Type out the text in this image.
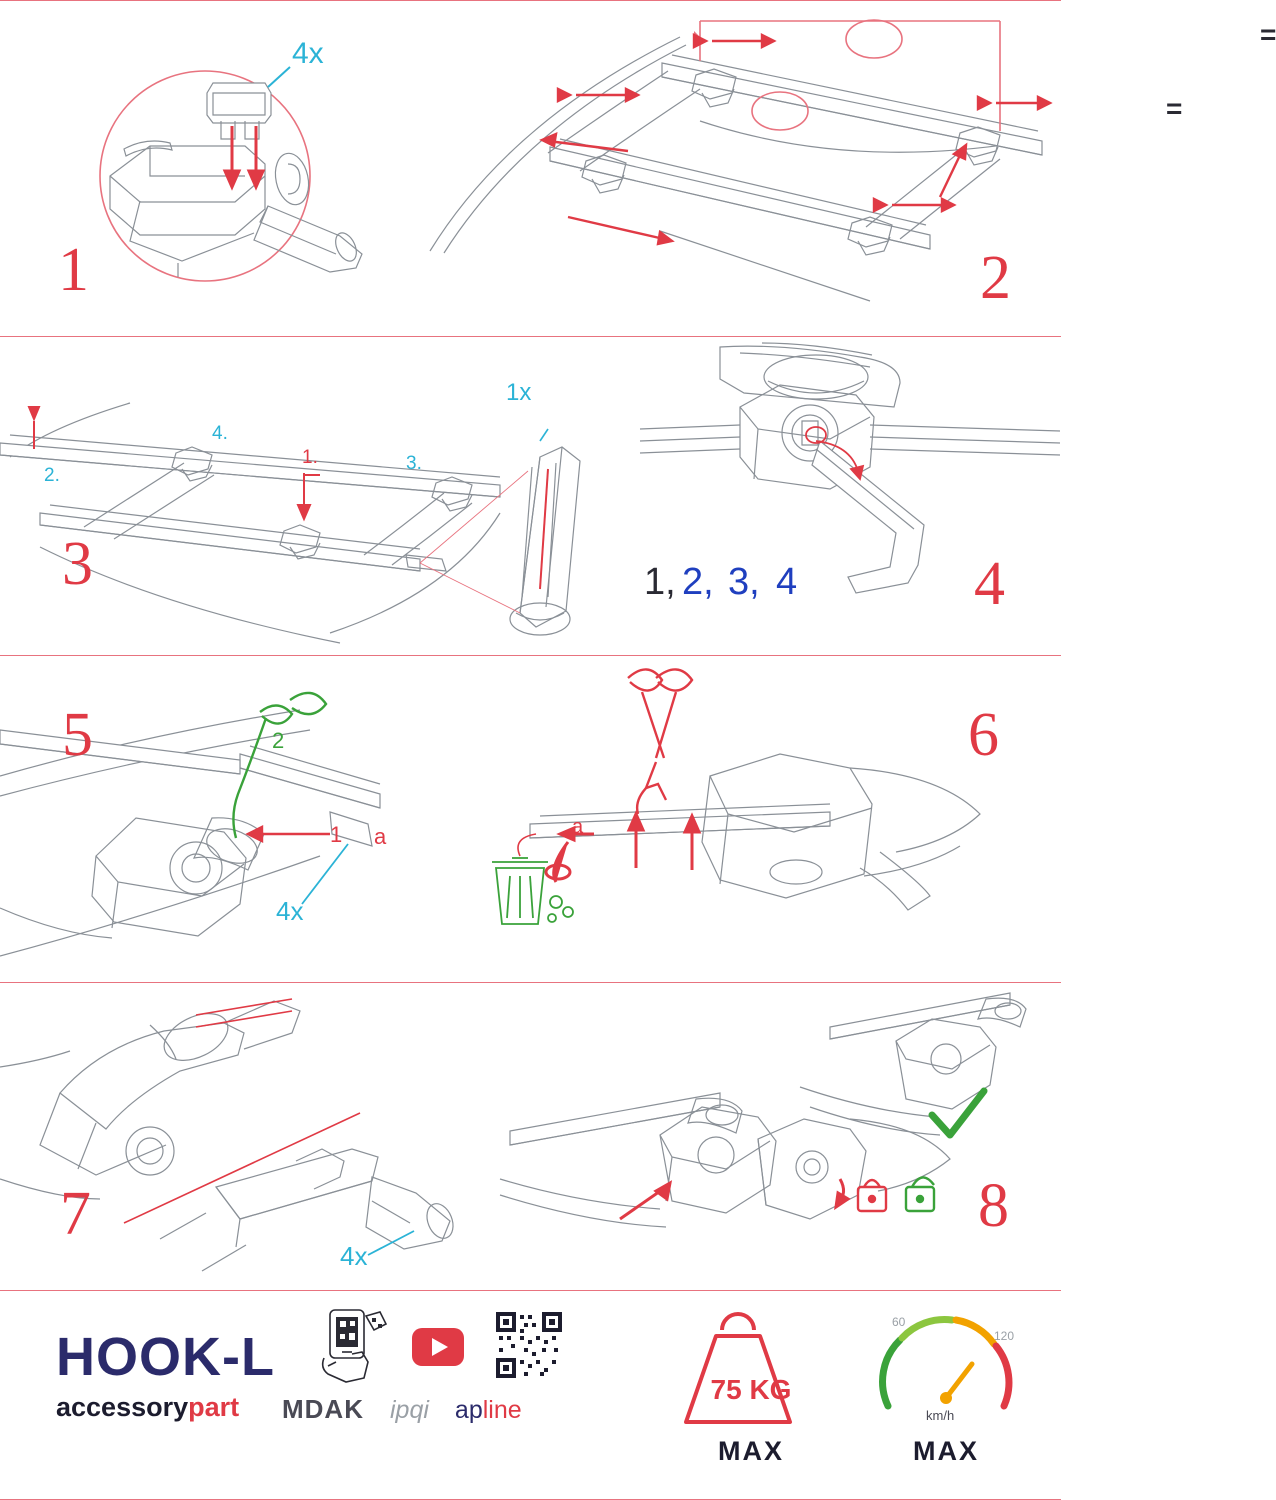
4x
1
=
=
2
1.
2.
3.
4.
1x
3	1, 2, 3, 4	4
1
2
a
4x
5
a
6
4x
7	8
HOOK-L
accessorypart	MDAK ipqi apline
75 KG
MAX
60
120
km/h
MAX
